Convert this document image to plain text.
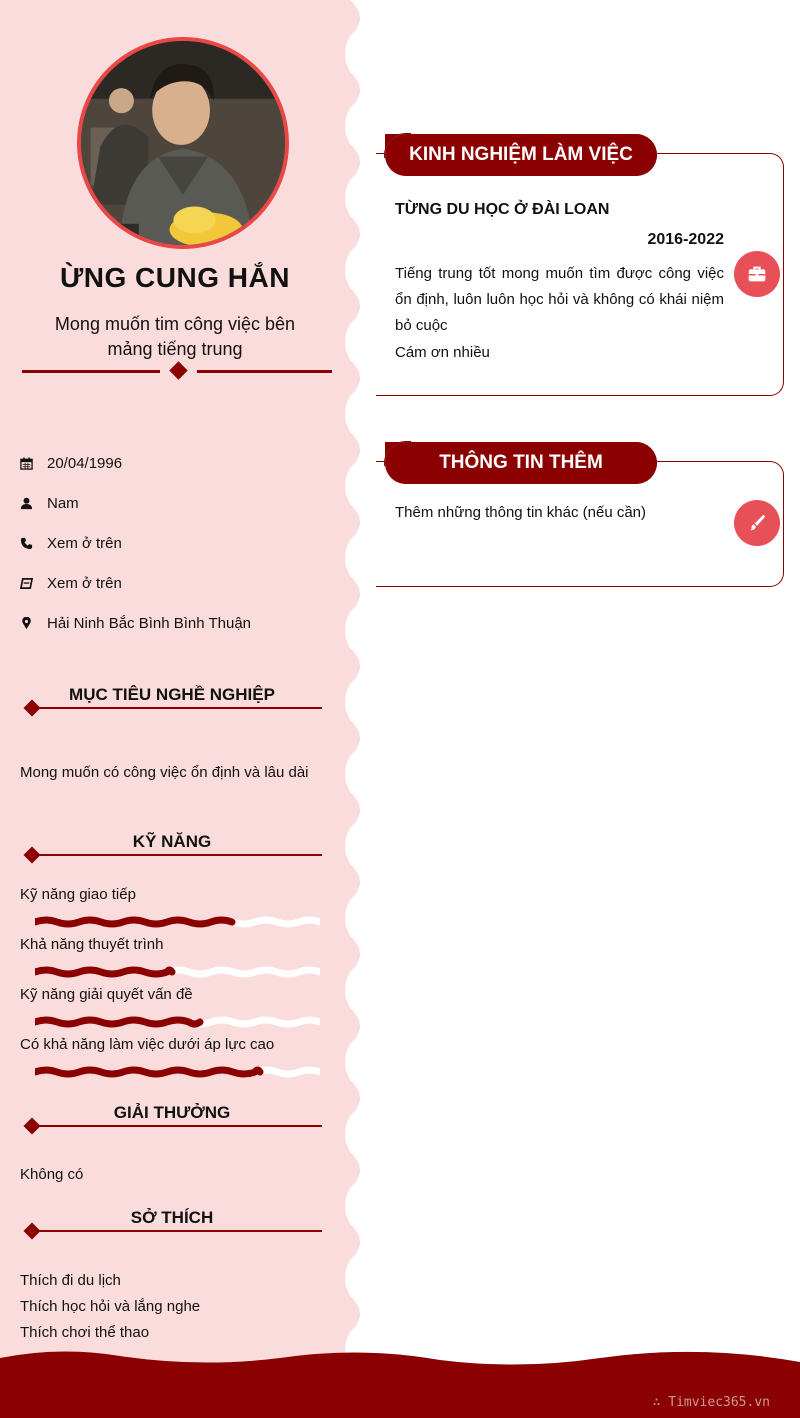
ỪNG CUNG HẮN
Mong muốn tim công việc bên mảng tiếng trung
20/04/1996
Nam
Xem ở trên
Xem ở trên
Hải Ninh Bắc Bình Bình Thuận
MỤC TIÊU NGHỀ NGHIỆP
Mong muốn có công việc ổn định và lâu dài
KỸ NĂNG
Kỹ năng giao tiếp
Khả năng thuyết trình
Kỹ năng giải quyết vấn đề
Có khả năng làm việc dưới áp lực cao
GIẢI THƯỞNG
Không có
SỞ THÍCH
Thích đi du lịch
Thích học hỏi và lắng nghe
Thích chơi thể thao
KINH NGHIỆM LÀM VIỆC
TỪNG DU HỌC Ở ĐÀI LOAN
2016-2022
Tiếng trung tốt mong muốn tìm được công việc ổn định, luôn luôn học hỏi và không có khái niệm bỏ cuộc
Cám ơn nhiều
THÔNG TIN THÊM
Thêm những thông tin khác (nếu cần)
∴ Timviec365.vn
